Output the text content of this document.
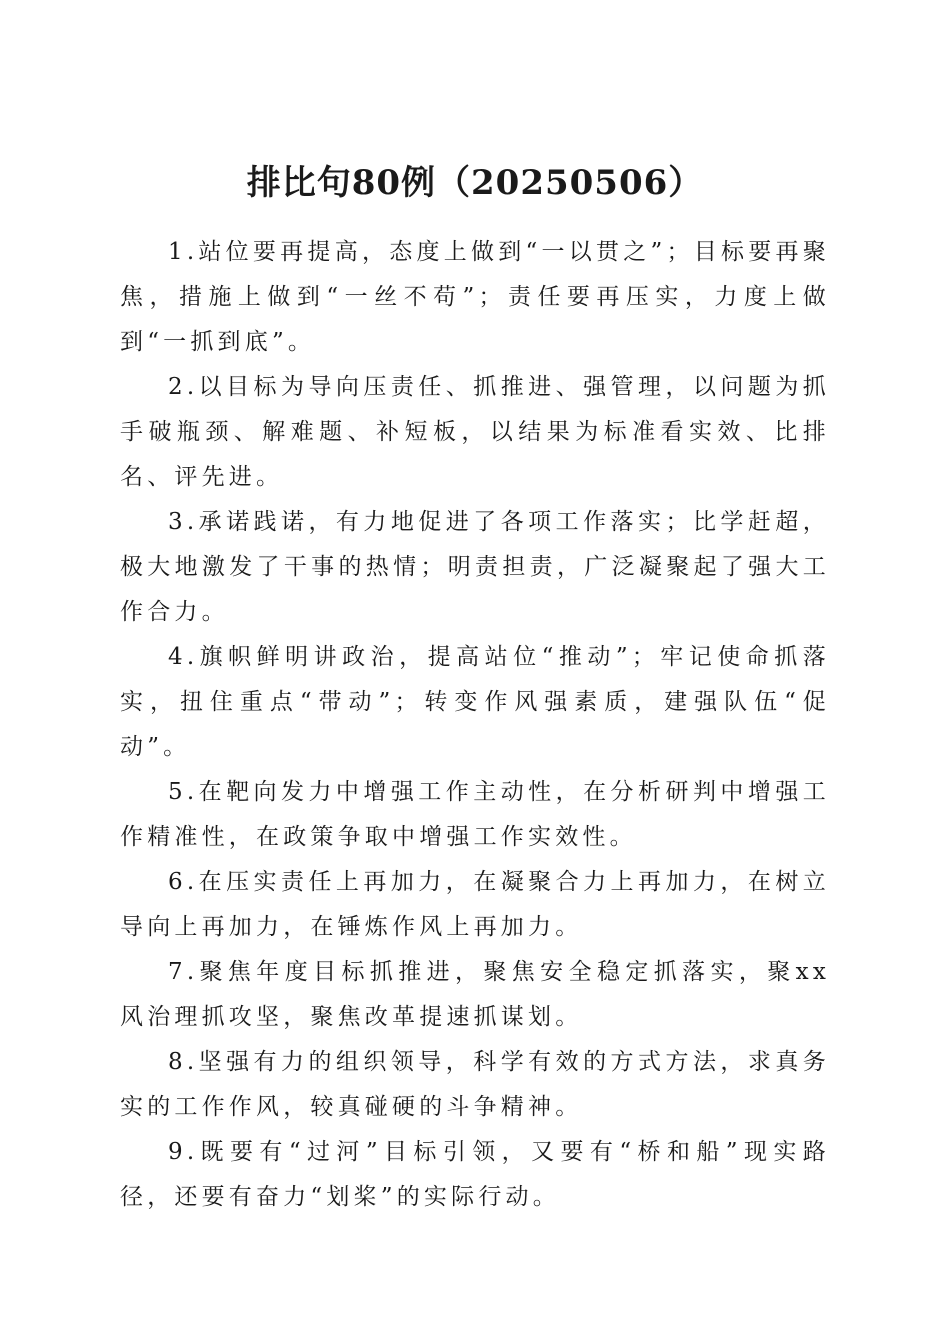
排比句80例（20250506）

1.站位要再提高，态度上做到“一以贯之”；目标要再聚焦，措施上做到“一丝不苟”；责任要再压实，力度上做到“一抓到底”。

2.以目标为导向压责任、抓推进、强管理，以问题为抓手破瓶颈、解难题、补短板，以结果为标准看实效、比排名、评先进。

3.承诺践诺，有力地促进了各项工作落实；比学赶超，极大地激发了干事的热情；明责担责，广泛凝聚起了强大工作合力。

4.旗帜鲜明讲政治，提高站位“推动”；牢记使命抓落实，扭住重点“带动”；转变作风强素质，建强队伍“促动”。

5.在靶向发力中增强工作主动性，在分析研判中增强工作精准性，在政策争取中增强工作实效性。

6.在压实责任上再加力，在凝聚合力上再加力，在树立导向上再加力，在锤炼作风上再加力。

7.聚焦年度目标抓推进，聚焦安全稳定抓落实，聚xx风治理抓攻坚，聚焦改革提速抓谋划。

8.坚强有力的组织领导，科学有效的方式方法，求真务实的工作作风，较真碰硬的斗争精神。

9.既要有“过河”目标引领，又要有“桥和船”现实路径，还要有奋力“划桨”的实际行动。
